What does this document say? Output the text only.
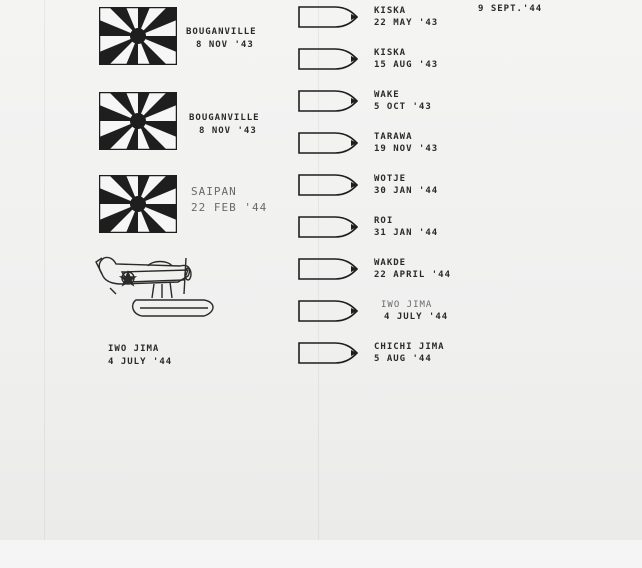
9 SEPT.'44
BOUGANVILLE
8 NOV '43
BOUGANVILLE
8 NOV '43
SAIPAN
22 FEB '44
IWO JIMA
4 JULY '44
KISKA
22 MAY '43
KISKA
15 AUG '43
WAKE
5 OCT '43
TARAWA
19 NOV '43
WOTJE
30 JAN '44
ROI
31 JAN '44
WAKDE
22 APRIL '44
IWO JIMA
4 JULY '44
CHICHI JIMA
5 AUG '44
